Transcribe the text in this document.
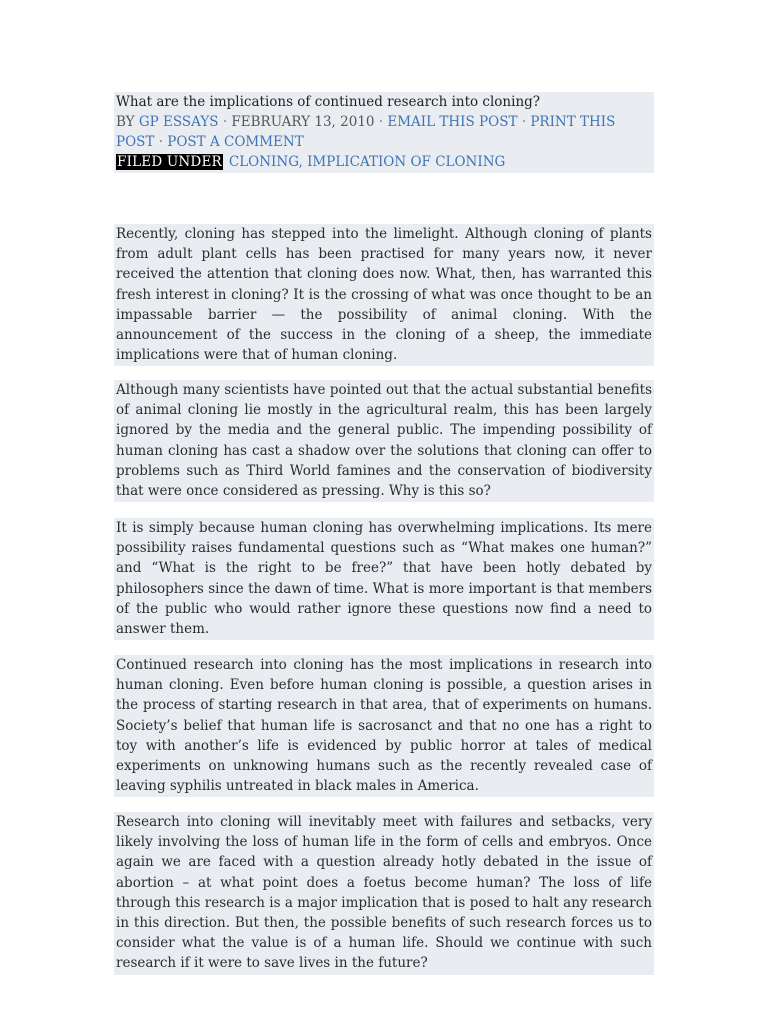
What are the implications of continued research into cloning?
BY GP ESSAYS · FEBRUARY 13, 2010 · EMAIL THIS POST · PRINT THIS POST · POST A COMMENT
FILED UNDER CLONING, IMPLICATION OF CLONING

Recently, cloning has stepped into the limelight. Although cloning of plants from adult plant cells has been practised for many years now, it never received the attention that cloning does now. What, then, has warranted this fresh interest in cloning? It is the crossing of what was once thought to be an impassable barrier — the possibility of animal cloning. With the announcement of the success in the cloning of a sheep, the immediate implications were that of human cloning.

Although many scientists have pointed out that the actual substantial benefits of animal cloning lie mostly in the agricultural realm, this has been largely ignored by the media and the general public. The impending possibility of human cloning has cast a shadow over the solutions that cloning can offer to problems such as Third World famines and the conservation of biodiversity that were once considered as pressing. Why is this so?

It is simply because human cloning has overwhelming implications. Its mere possibility raises fundamental questions such as “What makes one human?” and “What is the right to be free?” that have been hotly debated by philosophers since the dawn of time. What is more important is that members of the public who would rather ignore these questions now find a need to answer them.

Continued research into cloning has the most implications in research into human cloning. Even before human cloning is possible, a question arises in the process of starting research in that area, that of experiments on humans. Society’s belief that human life is sacrosanct and that no one has a right to toy with another’s life is evidenced by public horror at tales of medical experiments on unknowing humans such as the recently revealed case of leaving syphilis untreated in black males in America.

Research into cloning will inevitably meet with failures and setbacks, very likely involving the loss of human life in the form of cells and embryos. Once again we are faced with a question already hotly debated in the issue of abortion – at what point does a foetus become human? The loss of life through this research is a major implication that is posed to halt any research in this direction. But then, the possible benefits of such research forces us to consider what the value is of a human life. Should we continue with such research if it were to save lives in the future?
